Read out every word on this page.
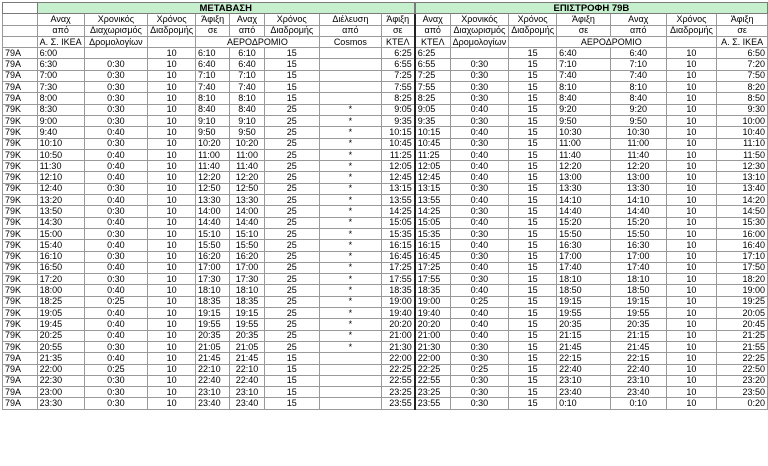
	ΜΕΤΑΒΑΣΗ								ΕΠΙΣΤΡΟΦΗ 79Β						
	Αναχ	Χρονικός	Χρόνος	Άφιξη	Αναχ	Χρόνος	Διέλευση	Άφιξη	Αναχ	Χρονικός	Χρόνος	Άφιξη	Αναχ	Χρόνος	Άφιξη
	από	Διαχωρισμός	Διαδρομής	σε	από	Διαδρομής	από	σε	από	Διαχωρισμός	Διαδρομής	σε	από	Διαδρομής	σε
	Α. Σ. ΙΚΕΑ	Δρομολογίων		ΑΕΡΟΔΡΟΜΙΟ			Cosmos	ΚΤΕΛ	ΚΤΕΛ	Δρομολογίων		ΑΕΡΟΔΡΟΜΙΟ			Α. Σ. ΙΚΕΑ
79A	6:00		10	6:10	6:10	15		6:25	6:25		15	6:40	6:40	10	6:50
79A	6:30	0:30	10	6:40	6:40	15		6:55	6:55	0:30	15	7:10	7:10	10	7:20
79A	7:00	0:30	10	7:10	7:10	15		7:25	7:25	0:30	15	7:40	7:40	10	7:50
79A	7:30	0:30	10	7:40	7:40	15		7:55	7:55	0:30	15	8:10	8:10	10	8:20
79A	8:00	0:30	10	8:10	8:10	15		8:25	8:25	0:30	15	8:40	8:40	10	8:50
79K	8:30	0:30	10	8:40	8:40	25	*	9:05	9:05	0:40	15	9:20	9:20	10	9:30
79K	9:00	0:30	10	9:10	9:10	25	*	9:35	9:35	0:30	15	9:50	9:50	10	10:00
79K	9:40	0:40	10	9:50	9:50	25	*	10:15	10:15	0:40	15	10:30	10:30	10	10:40
79K	10:10	0:30	10	10:20	10:20	25	*	10:45	10:45	0:30	15	11:00	11:00	10	11:10
79K	10:50	0:40	10	11:00	11:00	25	*	11:25	11:25	0:40	15	11:40	11:40	10	11:50
79K	11:30	0:40	10	11:40	11:40	25	*	12:05	12:05	0:40	15	12:20	12:20	10	12:30
79K	12:10	0:40	10	12:20	12:20	25	*	12:45	12:45	0:40	15	13:00	13:00	10	13:10
79K	12:40	0:30	10	12:50	12:50	25	*	13:15	13:15	0:30	15	13:30	13:30	10	13:40
79K	13:20	0:40	10	13:30	13:30	25	*	13:55	13:55	0:40	15	14:10	14:10	10	14:20
79K	13:50	0:30	10	14:00	14:00	25	*	14:25	14:25	0:30	15	14:40	14:40	10	14:50
79K	14:30	0:40	10	14:40	14:40	25	*	15:05	15:05	0:40	15	15:20	15:20	10	15:30
79K	15:00	0:30	10	15:10	15:10	25	*	15:35	15:35	0:30	15	15:50	15:50	10	16:00
79K	15:40	0:40	10	15:50	15:50	25	*	16:15	16:15	0:40	15	16:30	16:30	10	16:40
79K	16:10	0:30	10	16:20	16:20	25	*	16:45	16:45	0:30	15	17:00	17:00	10	17:10
79K	16:50	0:40	10	17:00	17:00	25	*	17:25	17:25	0:40	15	17:40	17:40	10	17:50
79K	17:20	0:30	10	17:30	17:30	25	*	17:55	17:55	0:30	15	18:10	18:10	10	18:20
79K	18:00	0:40	10	18:10	18:10	25	*	18:35	18:35	0:40	15	18:50	18:50	10	19:00
79K	18:25	0:25	10	18:35	18:35	25	*	19:00	19:00	0:25	15	19:15	19:15	10	19:25
79K	19:05	0:40	10	19:15	19:15	25	*	19:40	19:40	0:40	15	19:55	19:55	10	20:05
79K	19:45	0:40	10	19:55	19:55	25	*	20:20	20:20	0:40	15	20:35	20:35	10	20:45
79K	20:25	0:40	10	20:35	20:35	25	*	21:00	21:00	0:40	15	21:15	21:15	10	21:25
79K	20:55	0:30	10	21:05	21:05	25	*	21:30	21:30	0:30	15	21:45	21:45	10	21:55
79A	21:35	0:40	10	21:45	21:45	15		22:00	22:00	0:30	15	22:15	22:15	10	22:25
79A	22:00	0:25	10	22:10	22:10	15		22:25	22:25	0:25	15	22:40	22:40	10	22:50
79A	22:30	0:30	10	22:40	22:40	15		22:55	22:55	0:30	15	23:10	23:10	10	23:20
79A	23:00	0:30	10	23:10	23:10	15		23:25	23:25	0:30	15	23:40	23:40	10	23:50
79A	23:30	0:30	10	23:40	23:40	15		23:55	23:55	0:30	15	0:10	0:10	10	0:20
